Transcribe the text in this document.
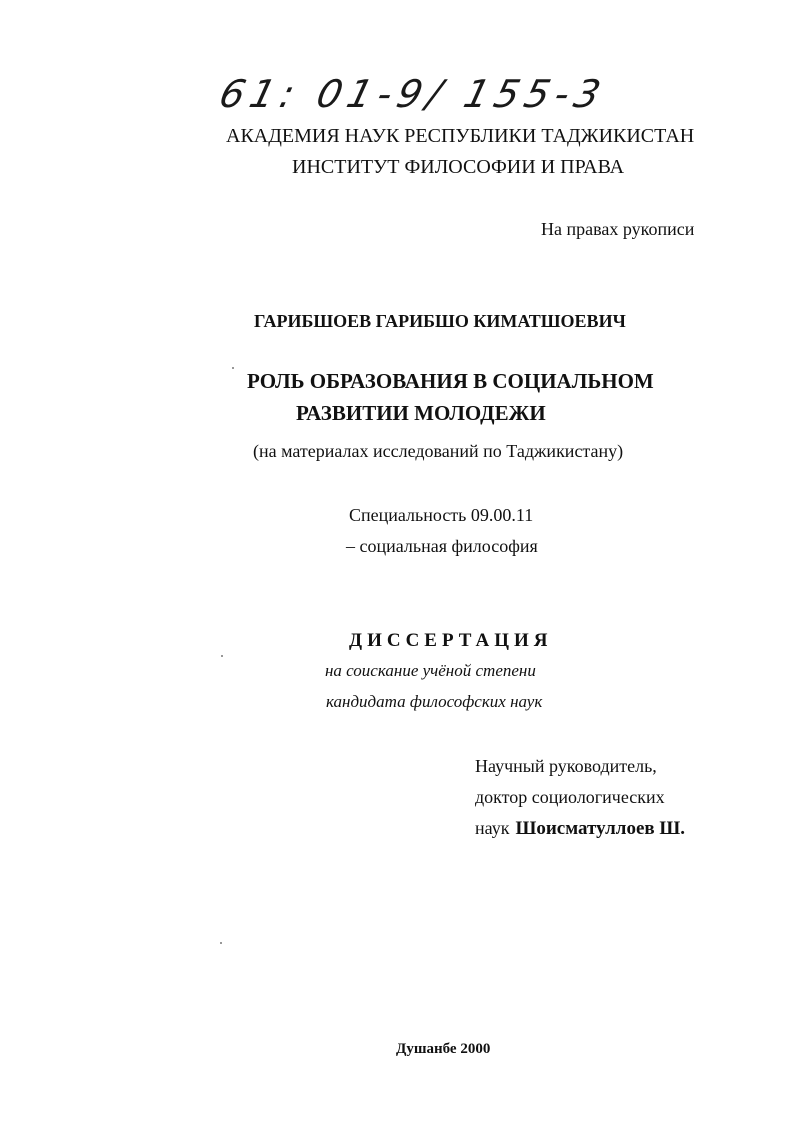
61: 01-9/ 155-3
АКАДЕМИЯ НАУК РЕСПУБЛИКИ ТАДЖИКИСТАН
ИНСТИТУТ ФИЛОСОФИИ И ПРАВА
На правах рукописи
ГАРИБШОЕВ ГАРИБШО КИМАТШОЕВИЧ
РОЛЬ ОБРАЗОВАНИЯ В СОЦИАЛЬНОМ
РАЗВИТИИ МОЛОДЕЖИ
(на материалах исследований по Таджикистану)
Специальность 09.00.11
– социальная философия
ДИССЕРТАЦИЯ
на соискание учёной степени
кандидата философских наук
Научный руководитель,
доктор социологических
наук Шоисматуллоев Ш.
Душанбе 2000
